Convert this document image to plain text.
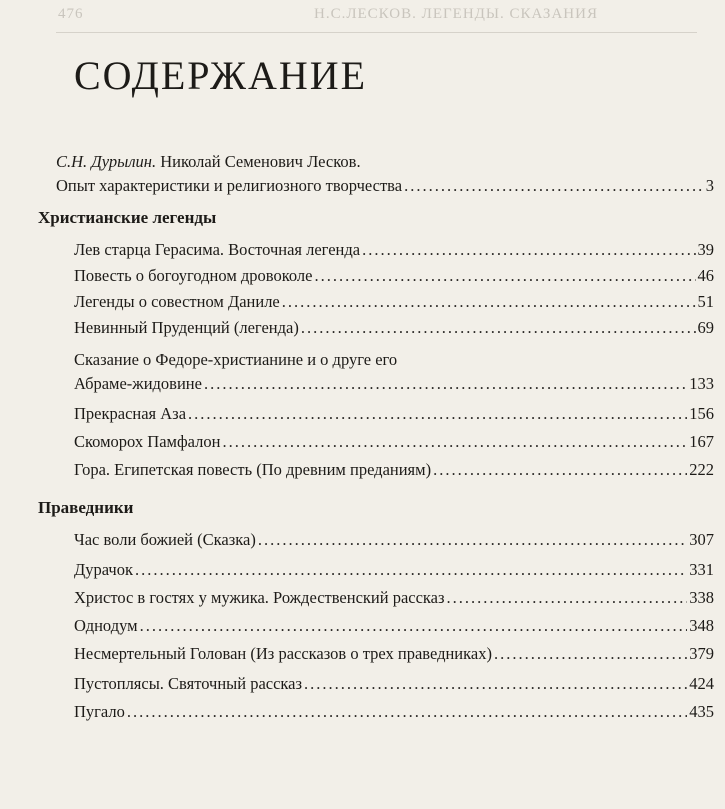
476	Н.С.ЛЕСКОВ. ЛЕГЕНДЫ. СКАЗАНИЯ
СОДЕРЖАНИЕ
С.Н. Дурылин. Николай Семенович Лесков.
Опыт характеристики и религиозного творчества .....	3
Христианские легенды
Лев старца Герасима. Восточная легенда .....	39
Повесть о богоугодном дровоколе .....	46
Легенды о совестном Даниле .....	51
Невинный Пруденций (легенда) .....	69
Сказание о Федоре-христианине и о друге его
Абраме-жидовине .....	133
Прекрасная Аза .....	156
Скоморох Памфалон .....	167
Гора. Египетская повесть (По древним преданиям) .....	222
Праведники
Час воли божией (Сказка) .....	307
Дурачок .....	331
Христос в гостях у мужика. Рождественский рассказ .....	338
Однодум .....	348
Несмертельный Голован (Из рассказов о трех праведниках) .....	379
Пустоплясы. Святочный рассказ .....	424
Пугало .....	435
